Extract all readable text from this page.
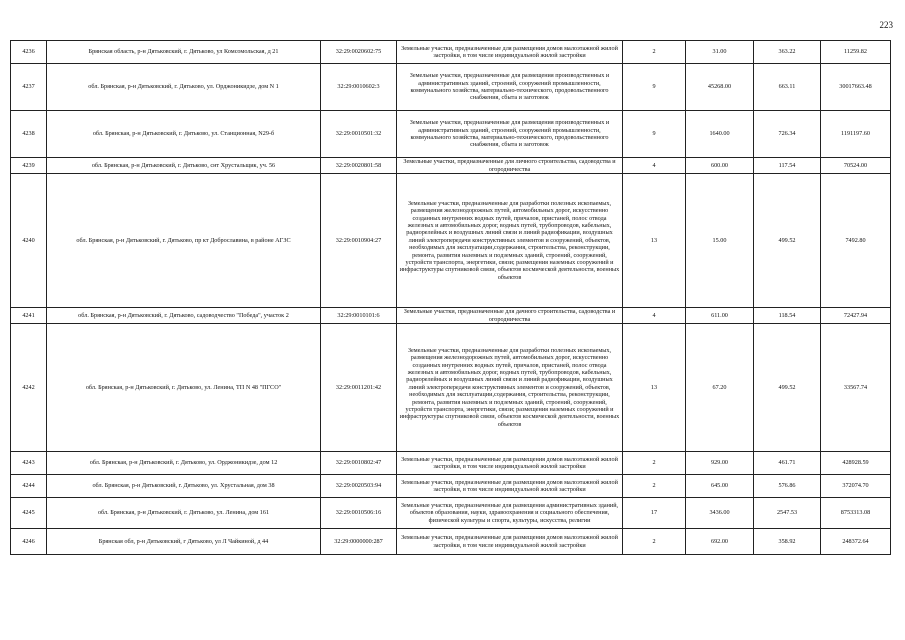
223
4236	Брянская область, р-н Дятьковский, г. Дятьково, ул Комсомольская, д 21	32:29:0020602:75	Земельные участки, предназначенные для размещения домов малоэтажной жилой застройки, в том числе индивидуальной жилой застройки	2	31.00	363.22	11259.82
4237	обл. Брянская, р-н Дятьковский, г. Дятьково, ул. Орджоникидзе, дом N 1	32:29:0010602:3	Земельные участки, предназначенные для размещения производственных и административных зданий, строений, сооружений промышленности, коммунального хозяйства, материально-технического, продовольственного снабжения, сбыта и заготовок	9	45268.00	663.11	30017663.48
4238	обл. Брянская, р-н Дятьковский, г. Дятьково, ул. Станционная, N29-б	32:29:0010501:32	Земельные участки, предназначенные для размещения производственных и административных зданий, строений, сооружений промышленности, коммунального хозяйства, материально-технического, продовольственного снабжения, сбыта и заготовок	9	1640.00	726.34	1191197.60
4239	обл. Брянская, р-н Дятьковский, г. Дятьково, снт Хрустальщик, уч. 56	32:29:0020801:58	Земельные участки, предназначенные для личного строительства, садоводства и огородничества	4	600.00	117.54	70524.00
4240	обл. Брянская, р-н Дятьковский, г. Дятьково, пр кт Доброславина, в районе АГЗС	32:29:0010904:27	Земельные участки, предназначенные для разработки полезных ископаемых, размещения железнодорожных путей, автомобильных дорог, искусственно созданных внутренних водных путей, причалов, пристаней, полос отвода железных и автомобильных дорог, водных путей, трубопроводов, кабельных, радиорелейных и воздушных линий связи и линий радиофикации, воздушных линий электропередачи конструктивных элементов и сооружений, объектов, необходимых для эксплуатации,содержания, строительства, реконструкции, ремонта, развития наземных и подземных зданий, строений, сооружений, устройств транспорта, энергетики, связи; размещения наземных сооружений и инфраструктуры спутниковой связи, объектов космической деятельности, военных объектов	13	15.00	499.52	7492.80
4241	обл. Брянская, р-н Дятьковский, г. Дятьково, садоводчество "Победа", участок 2	32:29:0010101:6	Земельные участки, предназначенные для дачного строительства, садоводства и огородничества	4	611.00	118.54	72427.94
4242	обл. Брянская, р-н Дятьковский, г. Дятьково, ул. Ленина, ТП N 48 "ПГСО"	32:29:0011201:42	Земельные участки, предназначенные для разработки полезных ископаемых, размещения железнодорожных путей, автомобильных дорог, искусственно созданных внутренних водных путей, причалов, пристаней, полос отвода железных и автомобильных дорог, водных путей, трубопроводов, кабельных, радиорелейных и воздушных линий связи и линий радиофикации, воздушных линий электропередачи конструктивных элементов и сооружений, объектов, необходимых для эксплуатации,содержания, строительства, реконструкции, ремонта, развития наземных и подземных зданий, строений, сооружений, устройств транспорта, энергетики, связи; размещения наземных сооружений и инфраструктуры спутниковой связи, объектов космической деятельности, военных объектов	13	67.20	499.52	33567.74
4243	обл. Брянская, р-н Дятьковский, г. Дятьково, ул. Орджоникидзе, дом 12	32:29:0010802:47	Земельные участки, предназначенные для размещения домов малоэтажной жилой застройки, в том числе индивидуальной жилой застройки	2	929.00	461.71	428928.59
4244	обл. Брянская, р-н Дятьковский, г. Дятьково, ул. Хрустальная, дом 38	32:29:0020503:94	Земельные участки, предназначенные для размещения домов малоэтажной жилой застройки, в том числе индивидуальной жилой застройки	2	645.00	576.86	372074.70
4245	обл. Брянская, р-н Дятьковский, г. Дятьково, ул. Ленина, дом 161	32:29:0010506:16	Земельные участки, предназначенные для размещения административных зданий, объектов образования, науки, здравоохранения и социального обеспечения, физической культуры и спорта, культуры, искусства, религии	17	3436.00	2547.53	8753313.08
4246	Брянская обл, р-н Дятьковский, г Дятьково, ул Л Чайкиной, д 44	32:29:0000000:287	Земельные участки, предназначенные для размещения домов малоэтажной жилой застройки, в том числе индивидуальной жилой застройки	2	692.00	358.92	248372.64
